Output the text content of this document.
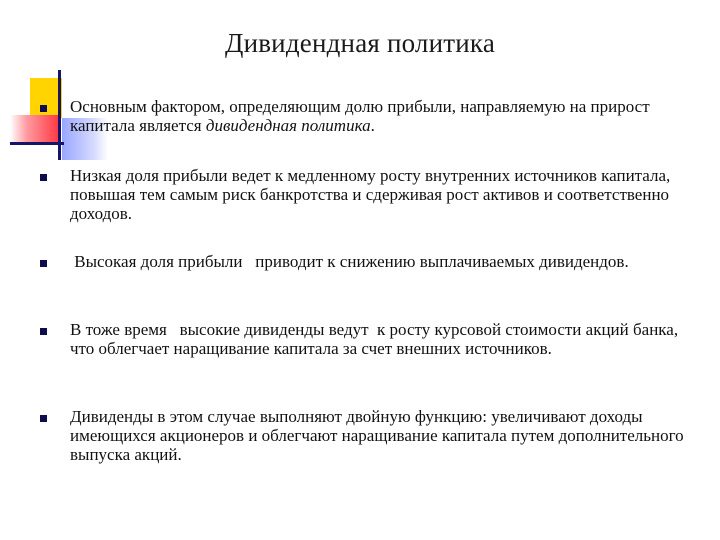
Дивидендная политика
Основным фактором, определяющим долю прибыли, направляемую на прирост капитала является дивидендная политика.
Низкая доля прибыли ведет к медленному росту внутренних источников капитала, повышая тем самым риск банкротства и сдерживая рост активов и соответственно доходов.
Высокая доля прибыли   приводит к снижению выплачиваемых дивидендов.
В тоже время   высокие дивиденды ведут  к росту курсовой стоимости акций банка, что облегчает наращивание капитала за счет внешних источников.
Дивиденды в этом случае выполняют двойную функцию: увеличивают доходы имеющихся акционеров и облегчают наращивание капитала путем дополнительного выпуска акций.
